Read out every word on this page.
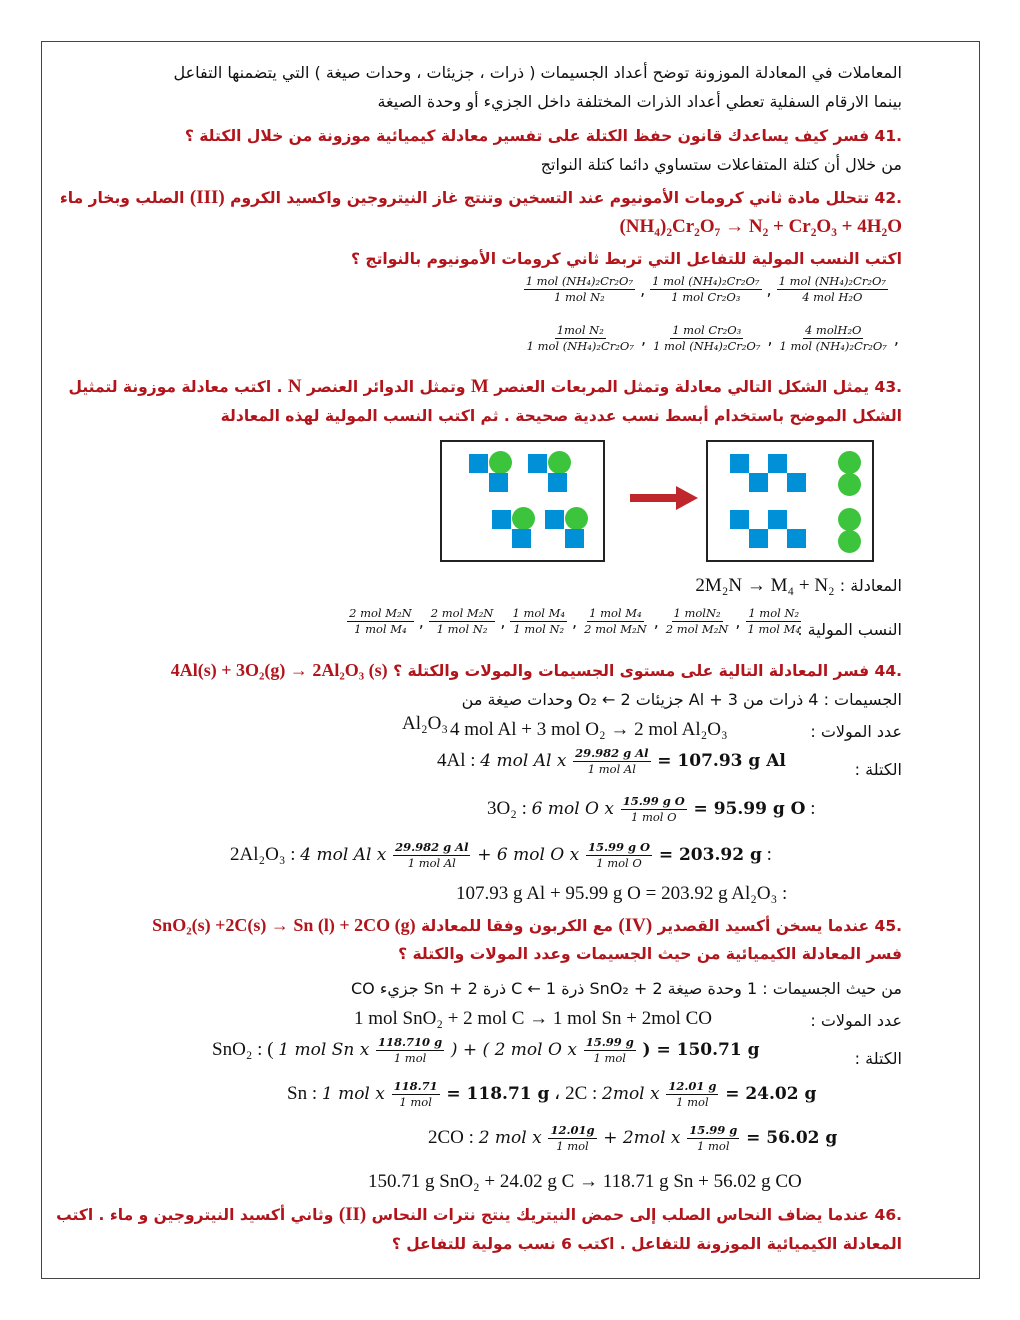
المعاملات في المعادلة الموزونة توضح أعداد الجسيمات ( ذرات ، جزيئات ، وحدات صيغة ) التي يتضمنها التفاعل
بينما الارقام السفلية تعطي أعداد الذرات المختلفة داخل الجزيء أو وحدة الصيغة
.41 فسر كيف يساعدك قانون حفظ الكتلة على تفسير معادلة كيميائية موزونة من خلال الكتلة ؟
من خلال أن كتلة المتفاعلات ستساوي دائما كتلة النواتج
.42 تتحلل مادة ثاني كرومات الأمونيوم عند التسخين وتنتج غاز النيتروجين واكسيد الكروم (III) الصلب وبخار ماء
(NH₄)₂Cr₂O₇ → N₂ + Cr₂O₃ + 4H₂O
اكتب النسب المولية للتفاعل التي تربط ثاني كرومات الأمونيوم بالنواتج ؟
$\frac{\text{1 mol (NH₄)₂Cr₂O₇}}{\text{1 mol N₂}}$ , $\frac{\text{1 mol (NH₄)₂Cr₂O₇}}{\text{1 mol Cr₂O₃}}$ , $\frac{\text{1 mol (NH₄)₂Cr₂O₇}}{\text{4 mol H₂O}}$
$\frac{\text{1mol N₂}}{\text{1 mol (NH₄)₂Cr₂O₇}}$ , $\frac{\text{1 mol Cr₂O₃}}{\text{1 mol (NH₄)₂Cr₂O₇}}$ , $\frac{\text{4 molH₂O}}{\text{1 mol (NH₄)₂Cr₂O₇}}$ ,
.43 يمثل الشكل التالي معادلة وتمثل المربعات العنصر M وتمثل الدوائر العنصر N . اكتب معادلة موزونة لتمثيل
الشكل الموضح باستخدام أبسط نسب عددية صحيحة . ثم اكتب النسب المولية لهذه المعادلة
المعادلة : 2M₂N → M₄ + N₂
النسب المولية :
$\frac{\text{2 mol M₂N}}{\text{1 mol M₄}}$ , $\frac{\text{2 mol M₂N}}{\text{1 mol N₂}}$ , $\frac{\text{1 mol M₄}}{\text{1 mol N₂}}$ , $\frac{\text{1 mol M₄}}{\text{2 mol M₂N}}$ , $\frac{\text{1 molN₂}}{\text{2 mol M₂N}}$ , $\frac{\text{1 mol N₂}}{\text{1 mol M₄}}$
.44 فسر المعادلة التالية على مستوى الجسيمات والمولات والكتلة ؟ 4Al(s) + 3O₂(g) → 2Al₂O₃ (s)
الجسيمات : 4 ذرات من Al + 3 جزيئات O₂ ← 2 وحدات صيغة من
Al₂O₃	عدد المولات :
4 mol Al + 3 mol O₂ → 2 mol Al₂O₃
الكتلة :
4Al : 4 mol Al x $\frac{\text{29.982 g Al}}{\text{1 mol Al}} = 107.93$ g Al
3O₂ : 6 mol O x $\frac{\text{15.99 g O}}{\text{1 mol O}} = 95.99$ g O :
2Al₂O₃ : 4 mol Al x $\frac{\text{29.982 g Al}}{\text{1 mol Al}} + 6$ mol O x $\frac{\text{15.99 g O}}{\text{1 mol O}} = 203.92$ g :
107.93 g Al + 95.99 g O = 203.92 g Al₂O₃ :
.45 عندما يسخن أكسيد القصدير (IV) مع الكربون وفقا للمعادلة SnO₂(s) +2C(s) → Sn (l) + 2CO (g)
فسر المعادلة الكيميائية من حيث الجسيمات وعدد المولات والكتلة ؟
من حيث الجسيمات : 1 وحدة صيغة SnO₂ + 2 ذرة C ← 1 ذرة Sn + 2 جزيء CO
عدد المولات :
1 mol SnO₂ + 2 mol C → 1 mol Sn + 2mol CO
الكتلة :
SnO₂ : ( 1 mol Sn x $\frac{118.710 g}{\text{1 mol}}$ ) + ( 2 mol O x $\frac{15.99 g}{\text{1 mol}}$ ) = 150.71 g
Sn : 1 mol x $\frac{118.71}{\text{1 mol}} = 118.71$ g ، 2C : 2mol x $\frac{12.01 g}{\text{1 mol}} = 24.02$ g
2CO : 2 mol x $\frac{12.01g}{\text{1 mol}} + 2mol$ x $\frac{15.99 g}{\text{1 mol}} = 56.02$ g
150.71 g SnO₂ + 24.02 g C → 118.71 g Sn + 56.02 g CO
.46 عندما يضاف النحاس الصلب إلى حمض النيتريك ينتج نترات النحاس (II) وثاني أكسيد النيتروجين و ماء . اكتب
المعادلة الكيميائية الموزونة للتفاعل . اكتب 6 نسب مولية للتفاعل ؟
